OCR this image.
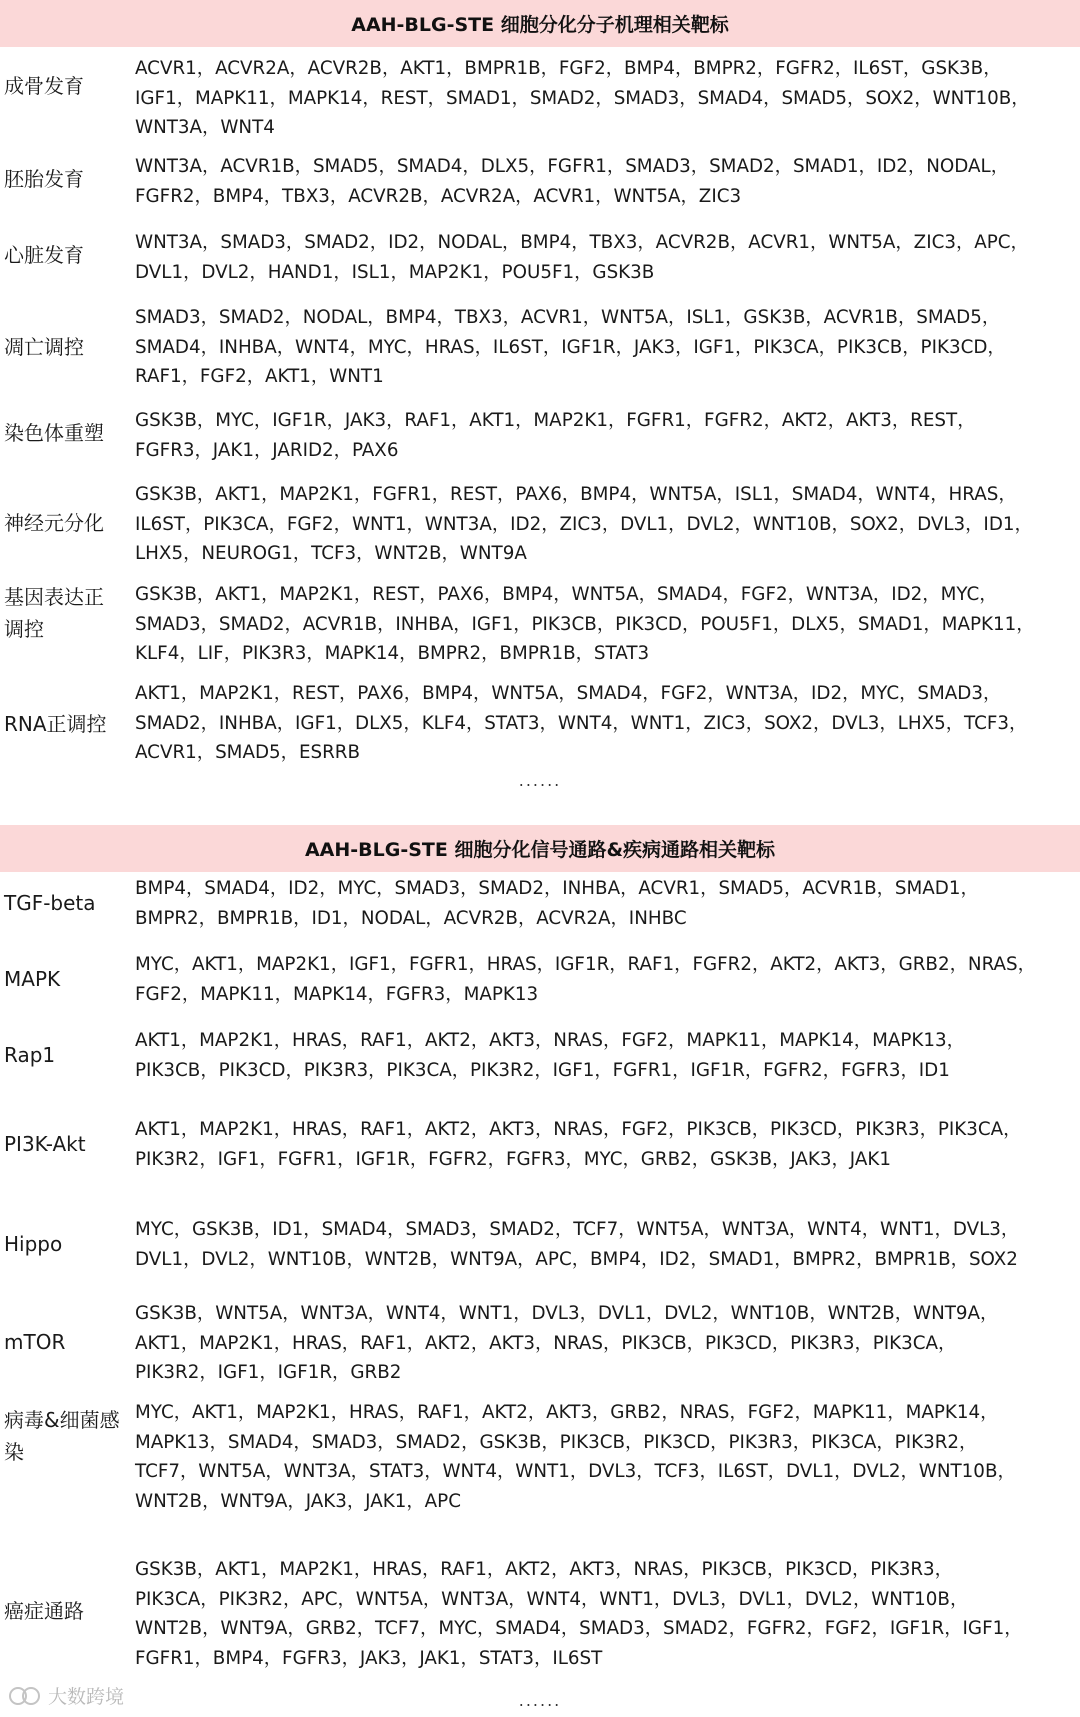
AAH-BLG-STE 细胞分化分子机理相关靶标
成骨发育
ACVR1，ACVR2A，ACVR2B，AKT1，BMPR1B，FGF2，BMP4，BMPR2，FGFR2，IL6ST，GSK3B，
IGF1，MAPK11，MAPK14，REST，SMAD1，SMAD2，SMAD3，SMAD4，SMAD5，SOX2，WNT10B，
WNT3A，WNT4
胚胎发育
WNT3A，ACVR1B，SMAD5，SMAD4，DLX5，FGFR1，SMAD3，SMAD2，SMAD1，ID2，NODAL，
FGFR2，BMP4，TBX3，ACVR2B，ACVR2A，ACVR1，WNT5A，ZIC3
心脏发育
WNT3A，SMAD3，SMAD2，ID2，NODAL，BMP4，TBX3，ACVR2B，ACVR1，WNT5A，ZIC3，APC，
DVL1，DVL2，HAND1，ISL1，MAP2K1，POU5F1，GSK3B
凋亡调控
SMAD3，SMAD2，NODAL，BMP4，TBX3，ACVR1，WNT5A，ISL1，GSK3B，ACVR1B，SMAD5，
SMAD4，INHBA，WNT4，MYC，HRAS，IL6ST，IGF1R，JAK3，IGF1，PIK3CA，PIK3CB，PIK3CD，
RAF1，FGF2，AKT1，WNT1
染色体重塑
GSK3B，MYC，IGF1R，JAK3，RAF1，AKT1，MAP2K1，FGFR1，FGFR2，AKT2，AKT3，REST，
FGFR3，JAK1，JARID2，PAX6
神经元分化
GSK3B，AKT1，MAP2K1，FGFR1，REST，PAX6，BMP4，WNT5A，ISL1，SMAD4，WNT4，HRAS，
IL6ST，PIK3CA，FGF2，WNT1，WNT3A，ID2，ZIC3，DVL1，DVL2，WNT10B，SOX2，DVL3，ID1，
LHX5，NEUROG1，TCF3，WNT2B，WNT9A
基因表达正调控
GSK3B，AKT1，MAP2K1，REST，PAX6，BMP4，WNT5A，SMAD4，FGF2，WNT3A，ID2，MYC，
SMAD3，SMAD2，ACVR1B，INHBA，IGF1，PIK3CB，PIK3CD，POU5F1，DLX5，SMAD1，MAPK11，
KLF4，LIF，PIK3R3，MAPK14，BMPR2，BMPR1B，STAT3
RNA正调控
AKT1，MAP2K1，REST，PAX6，BMP4，WNT5A，SMAD4，FGF2，WNT3A，ID2，MYC，SMAD3，
SMAD2，INHBA，IGF1，DLX5，KLF4，STAT3，WNT4，WNT1，ZIC3，SOX2，DVL3，LHX5，TCF3，
ACVR1，SMAD5，ESRRB
......
AAH-BLG-STE 细胞分化信号通路&疾病通路相关靶标
TGF-beta
BMP4，SMAD4，ID2，MYC，SMAD3，SMAD2，INHBA，ACVR1，SMAD5，ACVR1B，SMAD1，
BMPR2，BMPR1B，ID1，NODAL，ACVR2B，ACVR2A，INHBC
MAPK
MYC，AKT1，MAP2K1，IGF1，FGFR1，HRAS，IGF1R，RAF1，FGFR2，AKT2，AKT3，GRB2，NRAS，
FGF2，MAPK11，MAPK14，FGFR3，MAPK13
Rap1
AKT1，MAP2K1，HRAS，RAF1，AKT2，AKT3，NRAS，FGF2，MAPK11，MAPK14，MAPK13，
PIK3CB，PIK3CD，PIK3R3，PIK3CA，PIK3R2，IGF1，FGFR1，IGF1R，FGFR2，FGFR3，ID1
PI3K-Akt
AKT1，MAP2K1，HRAS，RAF1，AKT2，AKT3，NRAS，FGF2，PIK3CB，PIK3CD，PIK3R3，PIK3CA，
PIK3R2，IGF1，FGFR1，IGF1R，FGFR2，FGFR3，MYC，GRB2，GSK3B，JAK3，JAK1
Hippo
MYC，GSK3B，ID1，SMAD4，SMAD3，SMAD2，TCF7，WNT5A，WNT3A，WNT4，WNT1，DVL3，
DVL1，DVL2，WNT10B，WNT2B，WNT9A，APC，BMP4，ID2，SMAD1，BMPR2，BMPR1B，SOX2
mTOR
GSK3B，WNT5A，WNT3A，WNT4，WNT1，DVL3，DVL1，DVL2，WNT10B，WNT2B，WNT9A，
AKT1，MAP2K1，HRAS，RAF1，AKT2，AKT3，NRAS，PIK3CB，PIK3CD，PIK3R3，PIK3CA，
PIK3R2，IGF1，IGF1R，GRB2
病毒&细菌感染
MYC，AKT1，MAP2K1，HRAS，RAF1，AKT2，AKT3，GRB2，NRAS，FGF2，MAPK11，MAPK14，
MAPK13，SMAD4，SMAD3，SMAD2，GSK3B，PIK3CB，PIK3CD，PIK3R3，PIK3CA，PIK3R2，
TCF7，WNT5A，WNT3A，STAT3，WNT4，WNT1，DVL3，TCF3，IL6ST，DVL1，DVL2，WNT10B，
WNT2B，WNT9A，JAK3，JAK1，APC
癌症通路
GSK3B，AKT1，MAP2K1，HRAS，RAF1，AKT2，AKT3，NRAS，PIK3CB，PIK3CD，PIK3R3，
PIK3CA，PIK3R2，APC，WNT5A，WNT3A，WNT4，WNT1，DVL3，DVL1，DVL2，WNT10B，
WNT2B，WNT9A，GRB2，TCF7，MYC，SMAD4，SMAD3，SMAD2，FGFR2，FGF2，IGF1R，IGF1，
FGFR1，BMP4，FGFR3，JAK3，JAK1，STAT3，IL6ST
......
大数跨境
